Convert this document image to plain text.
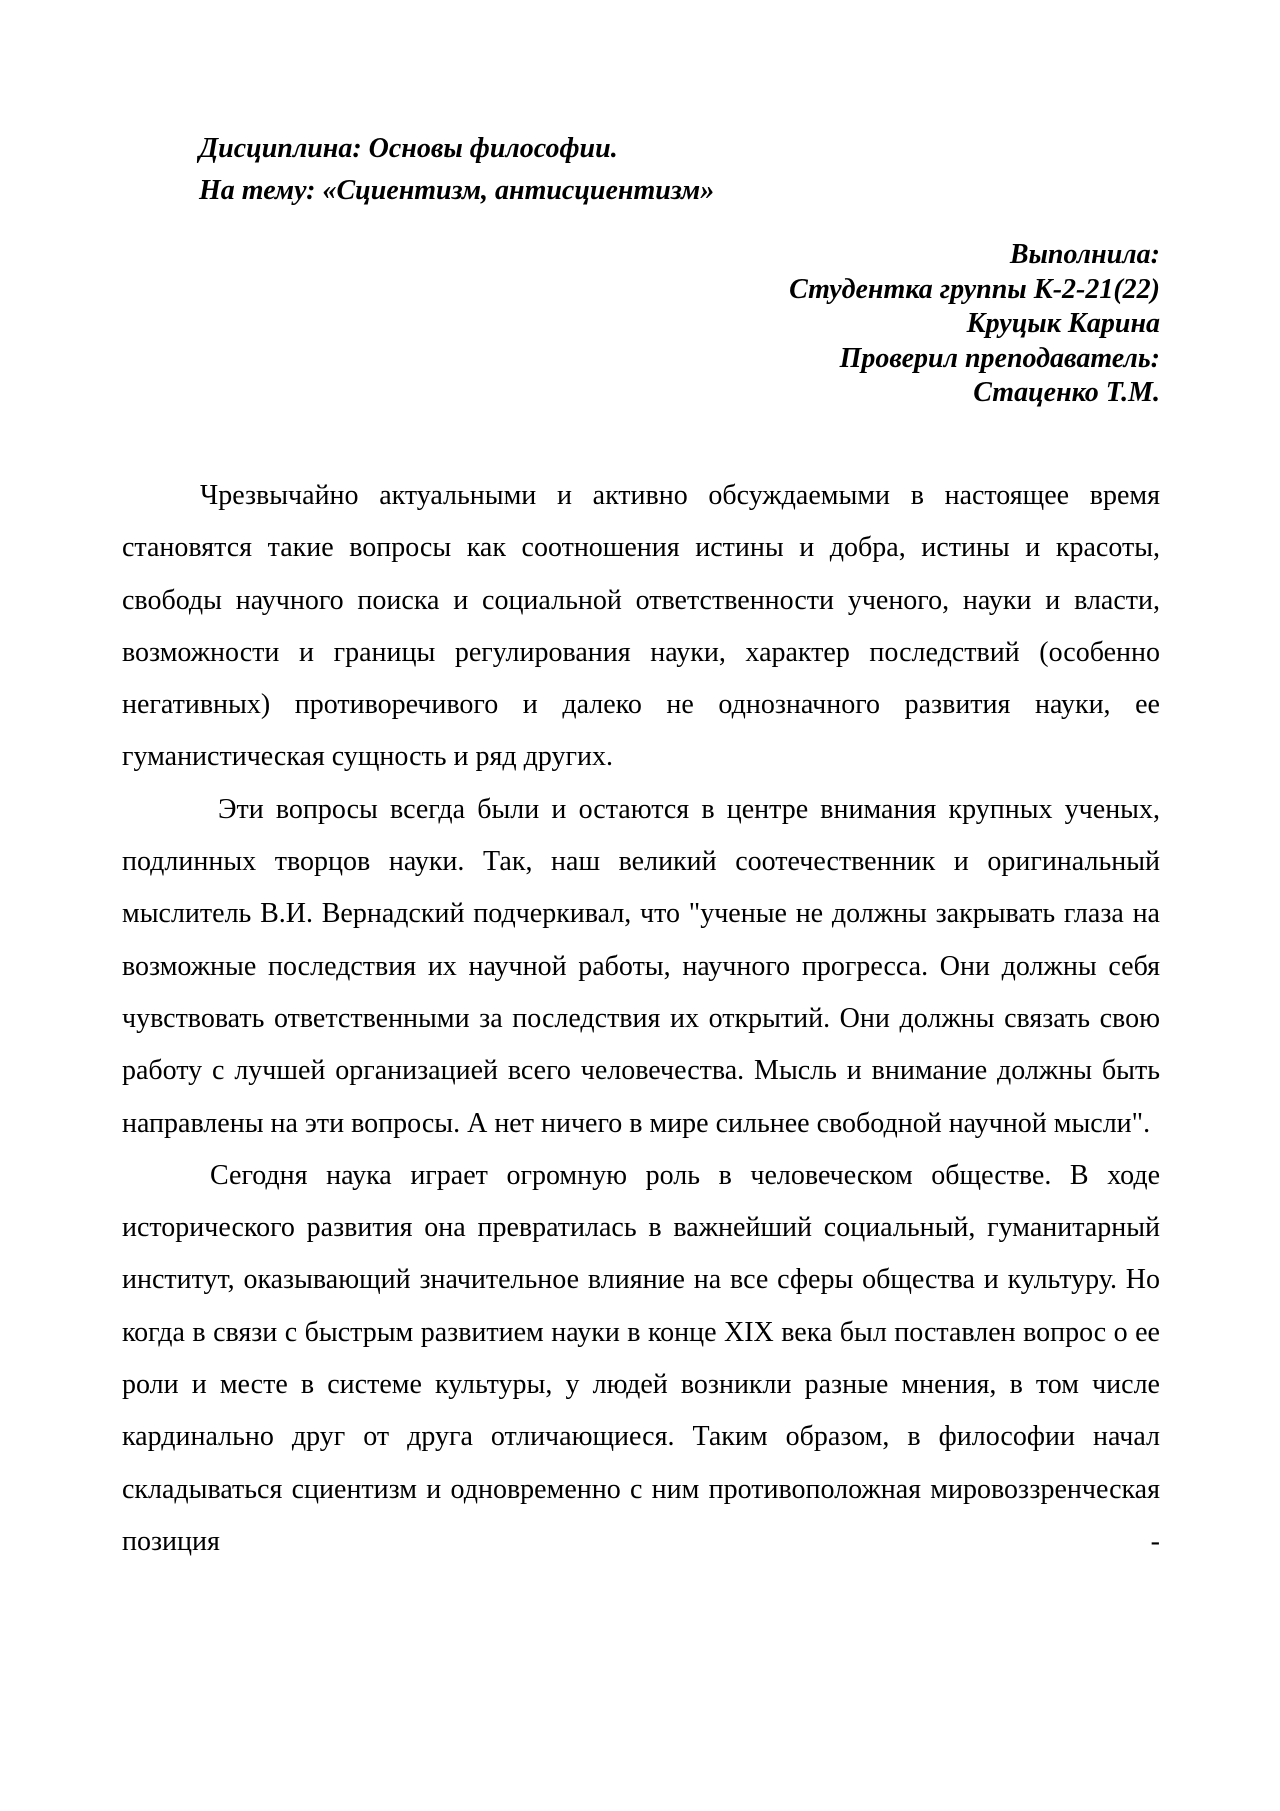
Дисциплина: Основы философии.
На тему: «Сциентизм, антисциентизм»
Выполнила:
Студентка группы К-2-21(22)
Круцык Карина
Проверил преподаватель:
Стаценко Т.М.

Чрезвычайно актуальными и активно обсуждаемыми в настоящее время становятся такие вопросы как соотношения истины и добра, истины и красоты, свободы научного поиска и социальной ответственности ученого, науки и власти, возможности и границы регулирования науки, характер последствий (особенно негативных) противоречивого и далеко не однозначного развития науки, ее гуманистическая сущность и ряд других.

Эти вопросы всегда были и остаются в центре внимания крупных ученых, подлинных творцов науки. Так, наш великий соотечественник и оригинальный мыслитель В.И. Вернадский подчеркивал, что "ученые не должны закрывать глаза на возможные последствия их научной работы, научного прогресса. Они должны себя чувствовать ответственными за последствия их открытий. Они должны связать свою работу с лучшей организацией всего человечества. Мысль и внимание должны быть направлены на эти вопросы. А нет ничего в мире сильнее свободной научной мысли".

Сегодня наука играет огромную роль в человеческом обществе. В ходе исторического развития она превратилась в важнейший социальный, гуманитарный институт, оказывающий значительное влияние на все сферы общества и культуру. Но когда в связи с быстрым развитием науки в конце XIX века был поставлен вопрос о ее роли и месте в системе культуры, у людей возникли разные мнения, в том числе кардинально друг от друга отличающиеся. Таким образом, в философии начал складываться сциентизм и одновременно с ним противоположная мировоззренческая позиция -
